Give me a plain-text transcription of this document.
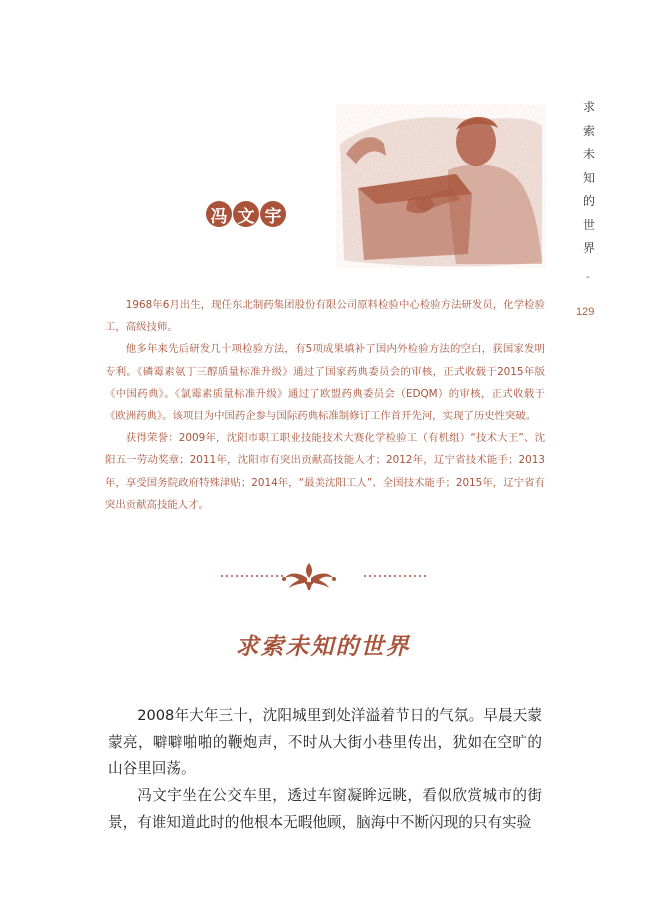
求
索
未
知
的
世
界
-
129
冯 文 宇

1968年6月出生，现任东北制药集团股份有限公司原料检验中心检验方法研发员，化学检验工，高级技师。

他多年来先后研发几十项检验方法，有5项成果填补了国内外检验方法的空白，获国家发明专利。《磷霉素氨丁三醇质量标准升级》通过了国家药典委员会的审核，正式收载于2015年版《中国药典》。《氯霉素质量标准升级》通过了欧盟药典委员会（EDQM）的审核，正式收载于《欧洲药典》。该项目为中国药企参与国际药典标准制修订工作首开先河，实现了历史性突破。

获得荣誉：2009年，沈阳市职工职业技能技术大赛化学检验工（有机组）“技术大王”、沈阳五一劳动奖章；2011年，沈阳市有突出贡献高技能人才；2012年，辽宁省技术能手；2013年，享受国务院政府特殊津贴；2014年，“最美沈阳工人”、全国技术能手；2015年，辽宁省有突出贡献高技能人才。

求索未知的世界

2008年大年三十，沈阳城里到处洋溢着节日的气氛。早晨天蒙蒙亮，噼噼啪啪的鞭炮声，不时从大街小巷里传出，犹如在空旷的山谷里回荡。

冯文宇坐在公交车里，透过车窗凝眸远眺，看似欣赏城市的街景，有谁知道此时的他根本无暇他顾，脑海中不断闪现的只有实验
